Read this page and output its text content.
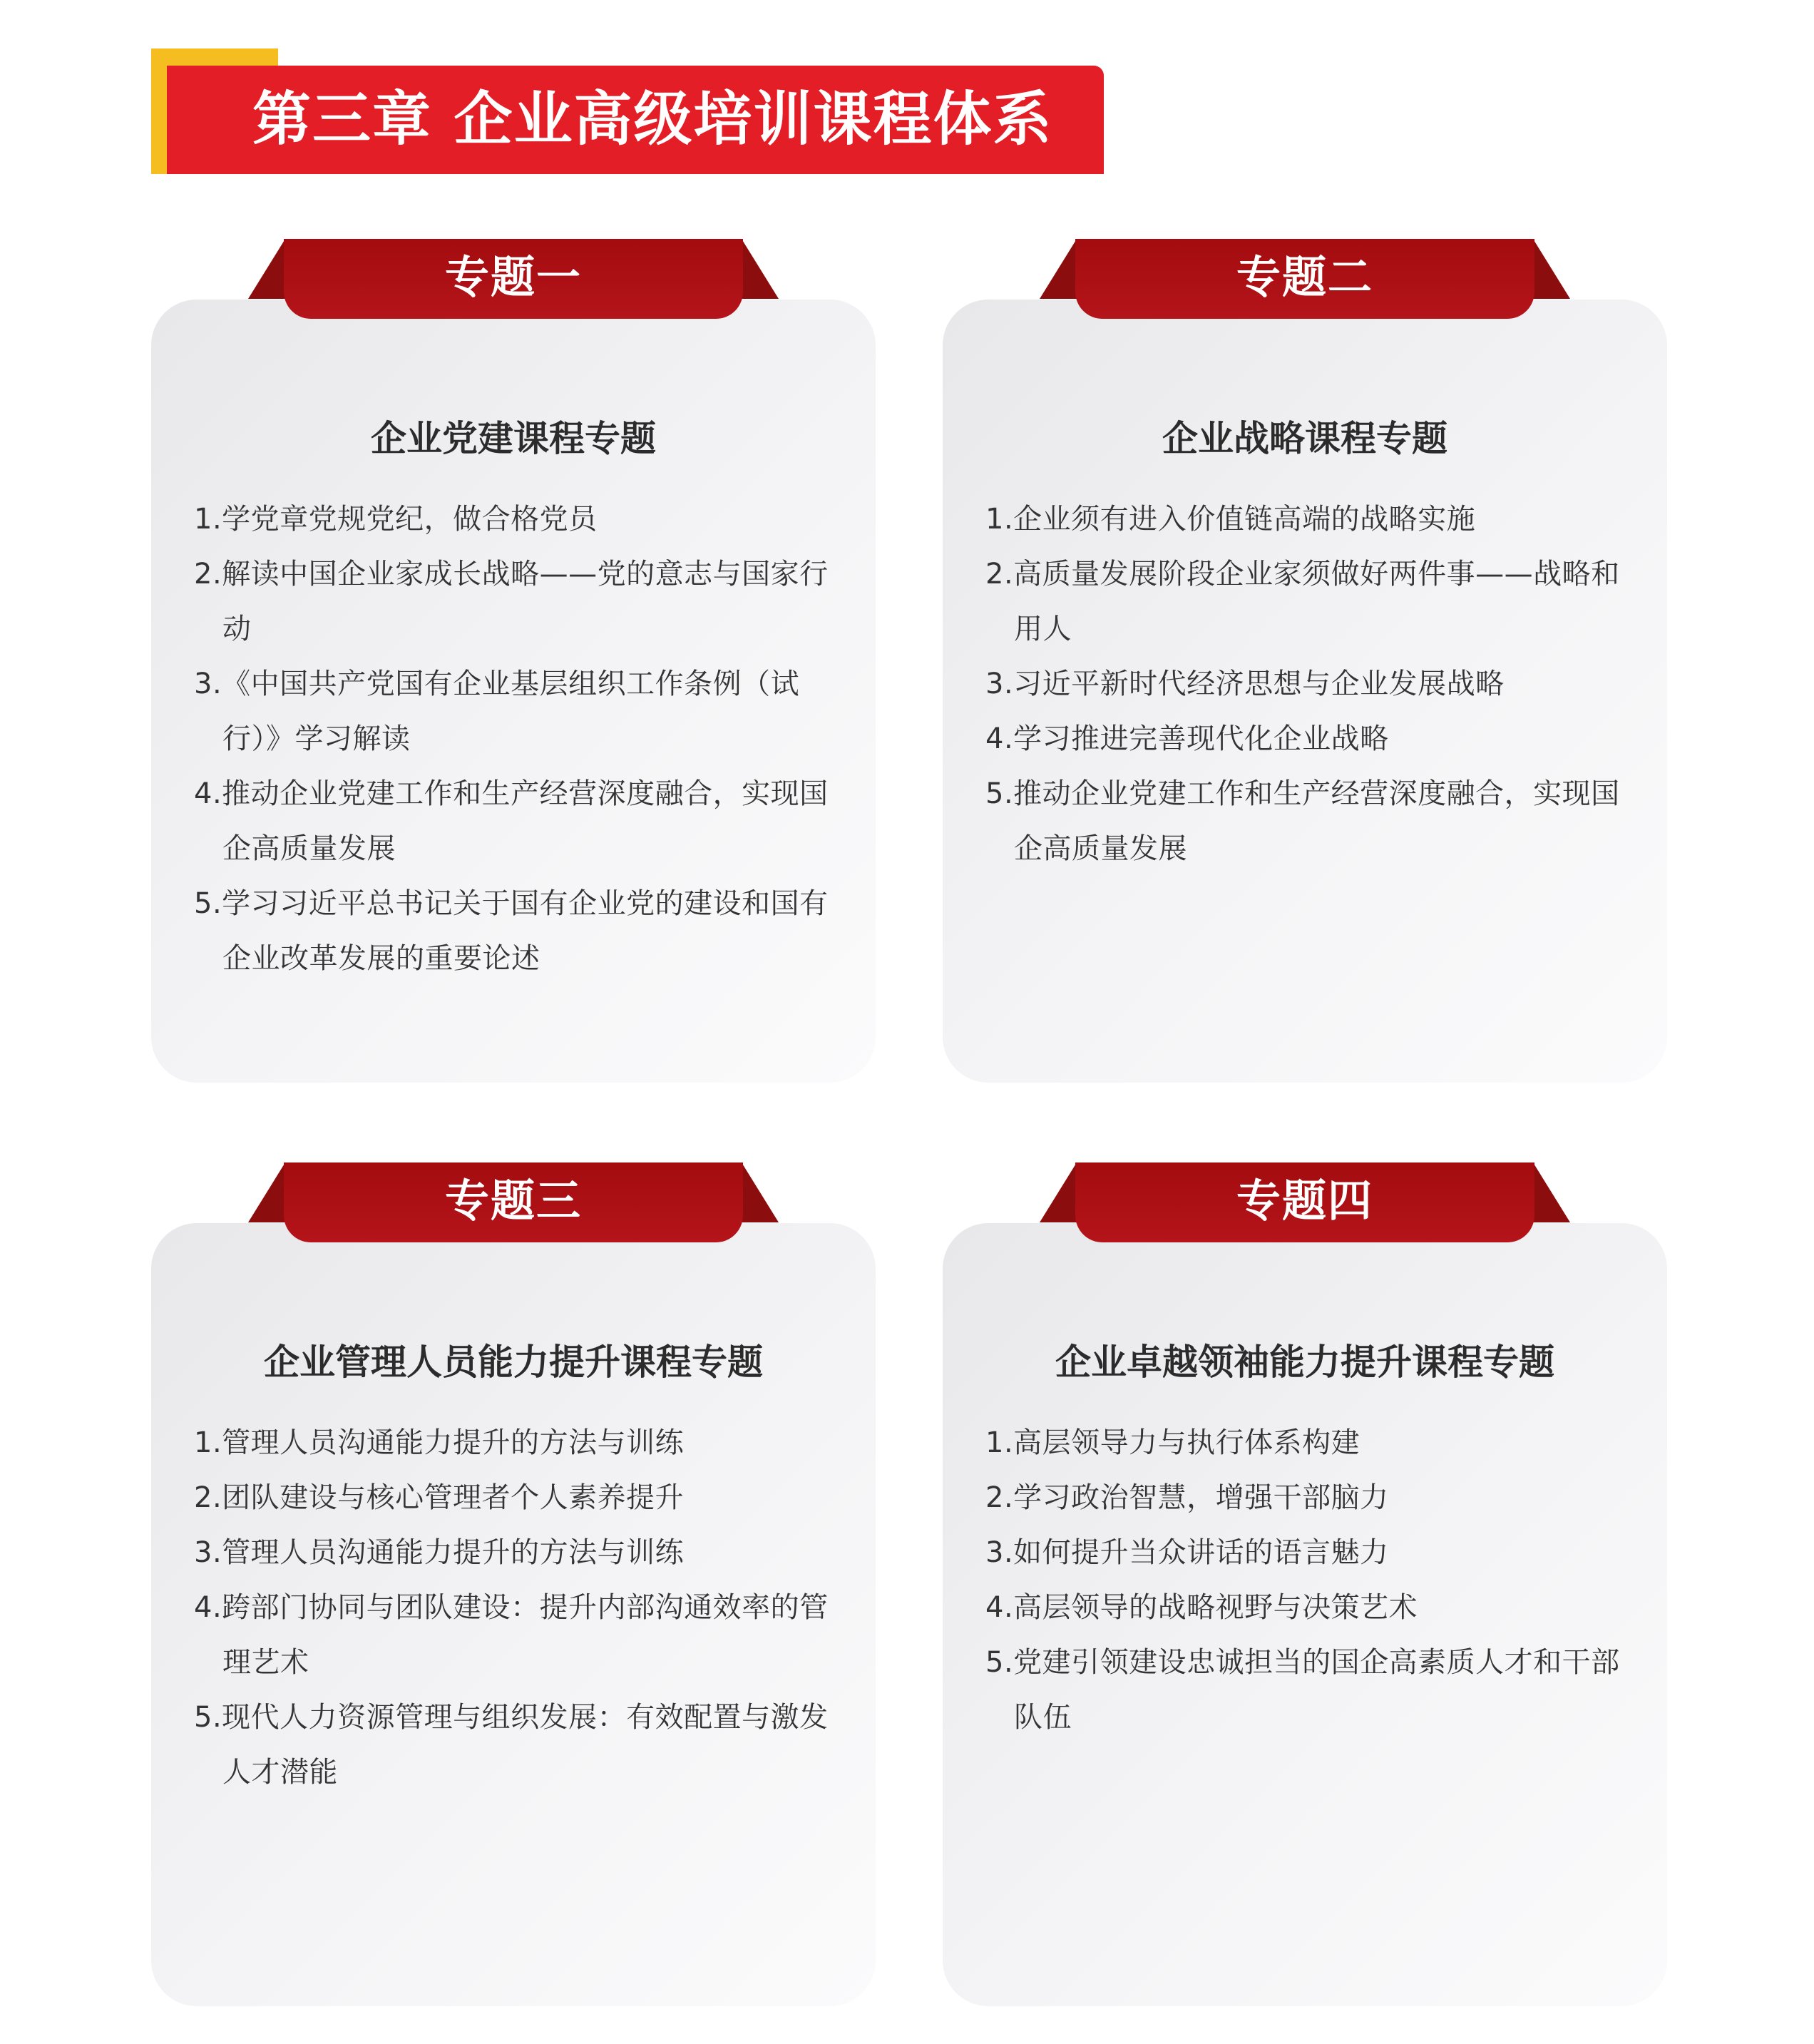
第三章 企业高级培训课程体系
企业党建课程专题
1.学党章党规党纪，做合格党员
2.解读中国企业家成长战略——党的意志与国家行动
3.《中国共产党国有企业基层组织工作条例（试行）》学习解读
4.推动企业党建工作和生产经营深度融合，实现国企高质量发展
5.学习习近平总书记关于国有企业党的建设和国有企业改革发展的重要论述
专题一
企业战略课程专题
1.企业须有进入价值链高端的战略实施
2.高质量发展阶段企业家须做好两件事——战略和用人
3.习近平新时代经济思想与企业发展战略
4.学习推进完善现代化企业战略
5.推动企业党建工作和生产经营深度融合，实现国企高质量发展
专题二
企业管理人员能力提升课程专题
1.管理人员沟通能力提升的方法与训练
2.团队建设与核心管理者个人素养提升
3.管理人员沟通能力提升的方法与训练
4.跨部门协同与团队建设：提升内部沟通效率的管理艺术
5.现代人力资源管理与组织发展：有效配置与激发人才潜能
专题三
企业卓越领袖能力提升课程专题
1.高层领导力与执行体系构建
2.学习政治智慧，增强干部脑力
3.如何提升当众讲话的语言魅力
4.高层领导的战略视野与决策艺术
5.党建引领建设忠诚担当的国企高素质人才和干部队伍
专题四
